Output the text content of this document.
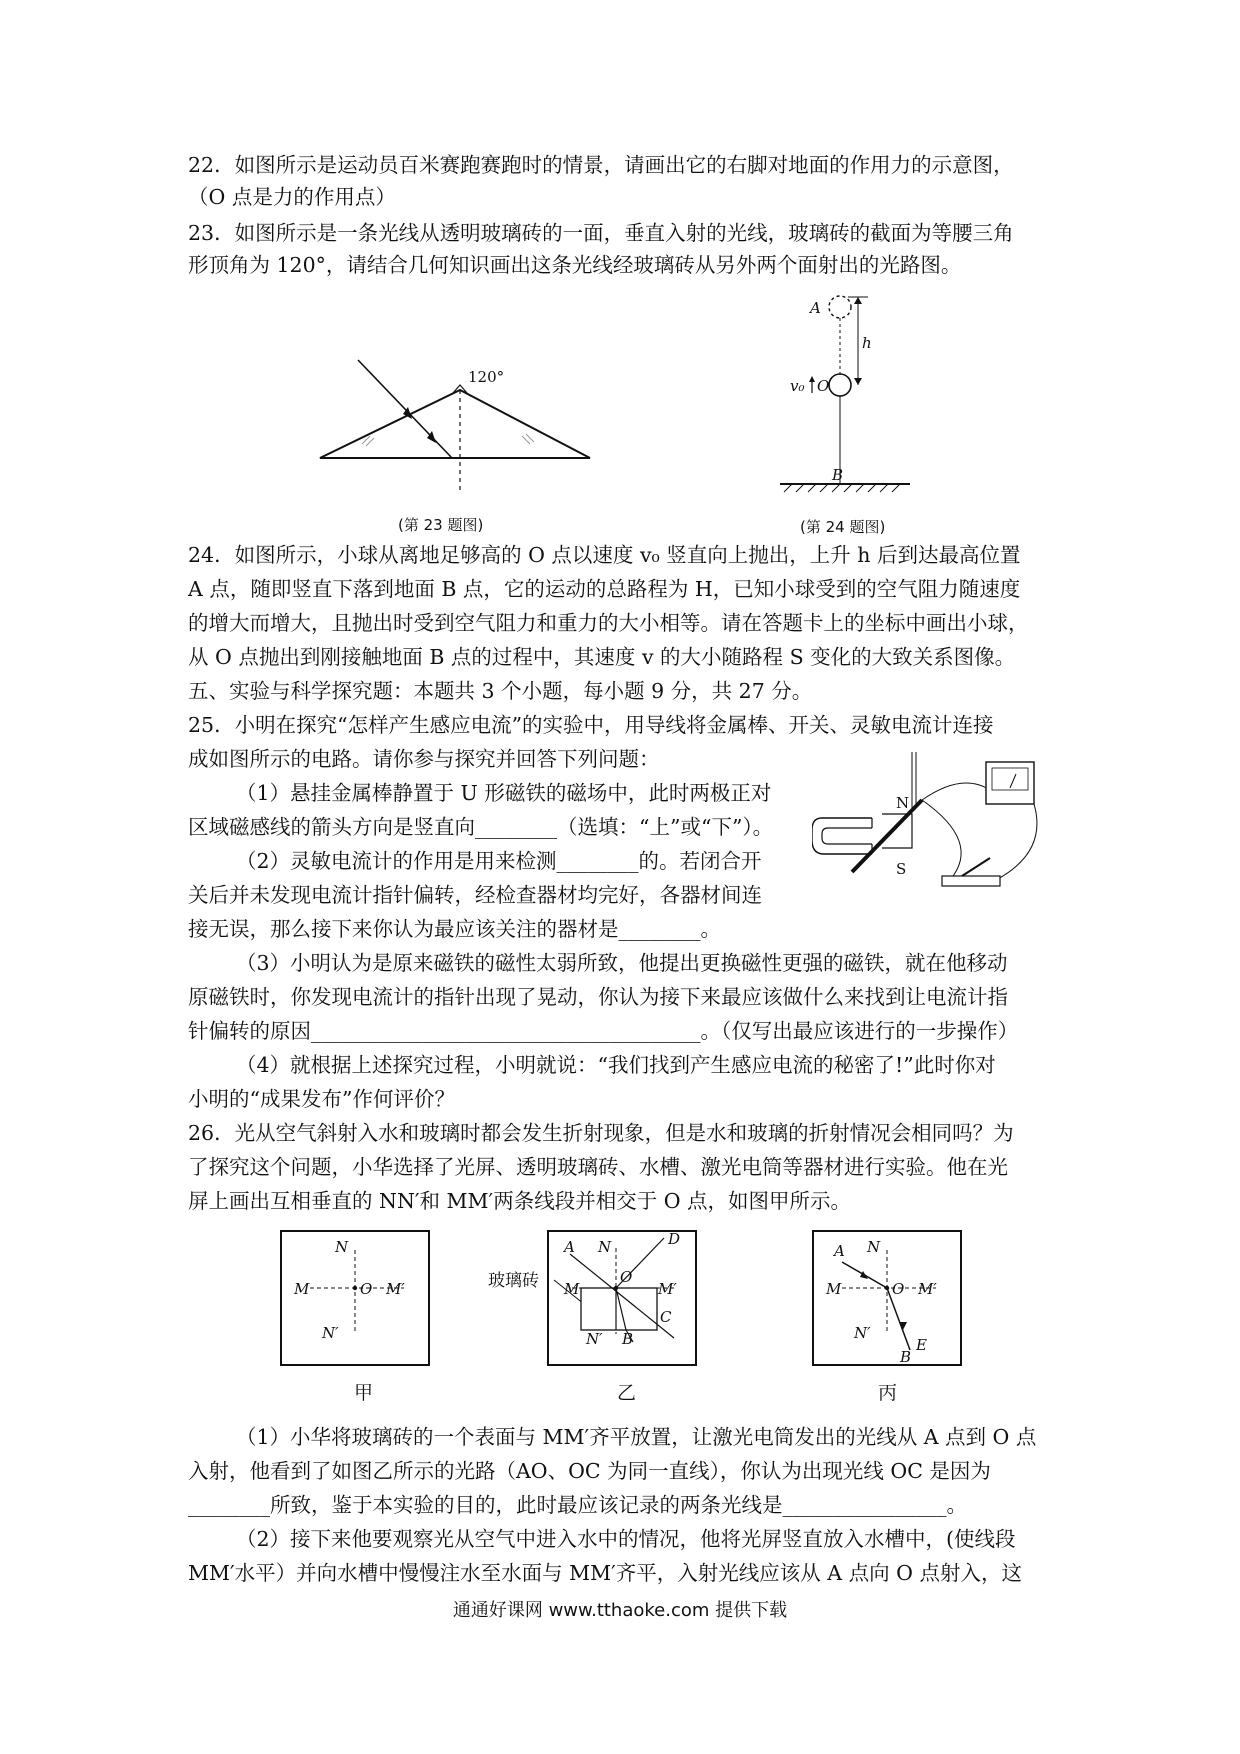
22．如图所示是运动员百米赛跑赛跑时的情景，请画出它的右脚对地面的作用力的示意图，
（O 点是力的作用点）
23．如图所示是一条光线从透明玻璃砖的一面，垂直入射的光线，玻璃砖的截面为等腰三角
形顶角为 120°，请结合几何知识画出这条光线经玻璃砖从另外两个面射出的光路图。
120°
(第 23 题图)
A
h
v₀ O
B
(第 24 题图)
24．如图所示，小球从离地足够高的 O 点以速度 v₀ 竖直向上抛出，上升 h 后到达最高位置
A 点，随即竖直下落到地面 B 点，它的运动的总路程为 H，已知小球受到的空气阻力随速度
的增大而增大，且抛出时受到空气阻力和重力的大小相等。请在答题卡上的坐标中画出小球，
从 O 点抛出到刚接触地面 B 点的过程中，其速度 v 的大小随路程 S 变化的大致关系图像。
五、实验与科学探究题：本题共 3 个小题，每小题 9 分，共 27 分。
25．小明在探究“怎样产生感应电流”的实验中，用导线将金属棒、开关、灵敏电流计连接
成如图所示的电路。请你参与探究并回答下列问题：
（1）悬挂金属棒静置于 U 形磁铁的磁场中，此时两极正对
区域磁感线的箭头方向是竖直向________（选填：“上”或“下”）。
（2）灵敏电流计的作用是用来检测________的。若闭合开
关后并未发现电流计指针偏转，经检查器材均完好，各器材间连
接无误，那么接下来你认为最应该关注的器材是________。
（3）小明认为是原来磁铁的磁性太弱所致，他提出更换磁性更强的磁铁，就在他移动
原磁铁时，你发现电流计的指针出现了晃动，你认为接下来最应该做什么来找到让电流计指
针偏转的原因______________________________________。（仅写出最应该进行的一步操作）
（4）就根据上述探究过程，小明就说：“我们找到产生感应电流的秘密了!”此时你对
小明的“成果发布”作何评价？
N
S
26．光从空气斜射入水和玻璃时都会发生折射现象，但是水和玻璃的折射情况会相同吗？为
了探究这个问题，小华选择了光屏、透明玻璃砖、水槽、激光电筒等器材进行实验。他在光
屏上画出互相垂直的 NN′和 MM′两条线段并相交于 O 点，如图甲所示。
N
M	O M′
N′
玻璃砖
A N	D
M
O
M′
C
N′ B
A N
M	O M′
N′
B
E
甲	乙	丙
（1）小华将玻璃砖的一个表面与 MM′齐平放置，让激光电筒发出的光线从 A 点到 O 点
入射，他看到了如图乙所示的光路（AO、OC 为同一直线），你认为出现光线 OC 是因为
________所致，鉴于本实验的目的，此时最应该记录的两条光线是________________。
（2）接下来他要观察光从空气中进入水中的情况，他将光屏竖直放入水槽中，(使线段
MM′水平）并向水槽中慢慢注水至水面与 MM′齐平，入射光线应该从 A 点向 O 点射入，这
通通好课网 www.tthaoke.com 提供下载
